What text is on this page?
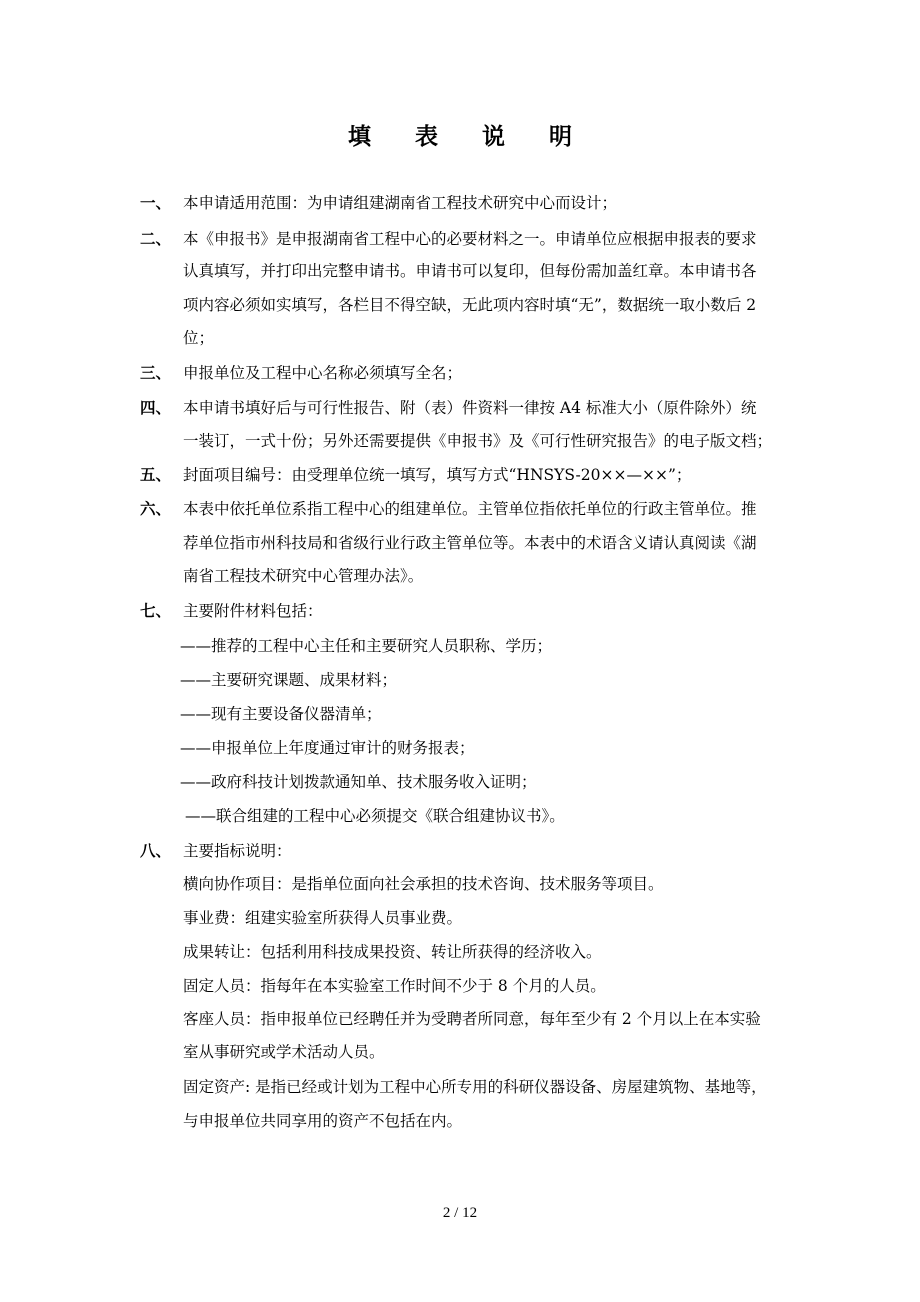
填 表 说 明
一、 本申请适用范围：为申请组建湖南省工程技术研究中心而设计；
二、 本《申报书》是申报湖南省工程中心的必要材料之一。申请单位应根据申报表的要求
认真填写，并打印出完整申请书。申请书可以复印，但每份需加盖红章。本申请书各
项内容必须如实填写，各栏目不得空缺，无此项内容时填“无”，数据统一取小数后 2
位；
三、 申报单位及工程中心名称必须填写全名；
四、 本申请书填好后与可行性报告、附（表）件资料一律按 A4 标准大小（原件除外）统
一装订，一式十份；另外还需要提供《申报书》及《可行性研究报告》的电子版文档；
五、 封面项目编号：由受理单位统一填写，填写方式“HNSYS-20××—××”；
六、 本表中依托单位系指工程中心的组建单位。主管单位指依托单位的行政主管单位。推
荐单位指市州科技局和省级行业行政主管单位等。本表中的术语含义请认真阅读《湖
南省工程技术研究中心管理办法》。
七、 主要附件材料包括：
——推荐的工程中心主任和主要研究人员职称、学历；
——主要研究课题、成果材料；
——现有主要设备仪器清单；
——申报单位上年度通过审计的财务报表；
——政府科技计划拨款通知单、技术服务收入证明；
——联合组建的工程中心必须提交《联合组建协议书》。
八、 主要指标说明：
横向协作项目：是指单位面向社会承担的技术咨询、技术服务等项目。
事业费：组建实验室所获得人员事业费。
成果转让：包括利用科技成果投资、转让所获得的经济收入。
固定人员：指每年在本实验室工作时间不少于 8 个月的人员。
客座人员：指申报单位已经聘任并为受聘者所同意，每年至少有 2 个月以上在本实验
室从事研究或学术活动人员。
固定资产: 是指已经或计划为工程中心所专用的科研仪器设备、房屋建筑物、基地等，
与申报单位共同享用的资产不包括在内。
2 / 12
